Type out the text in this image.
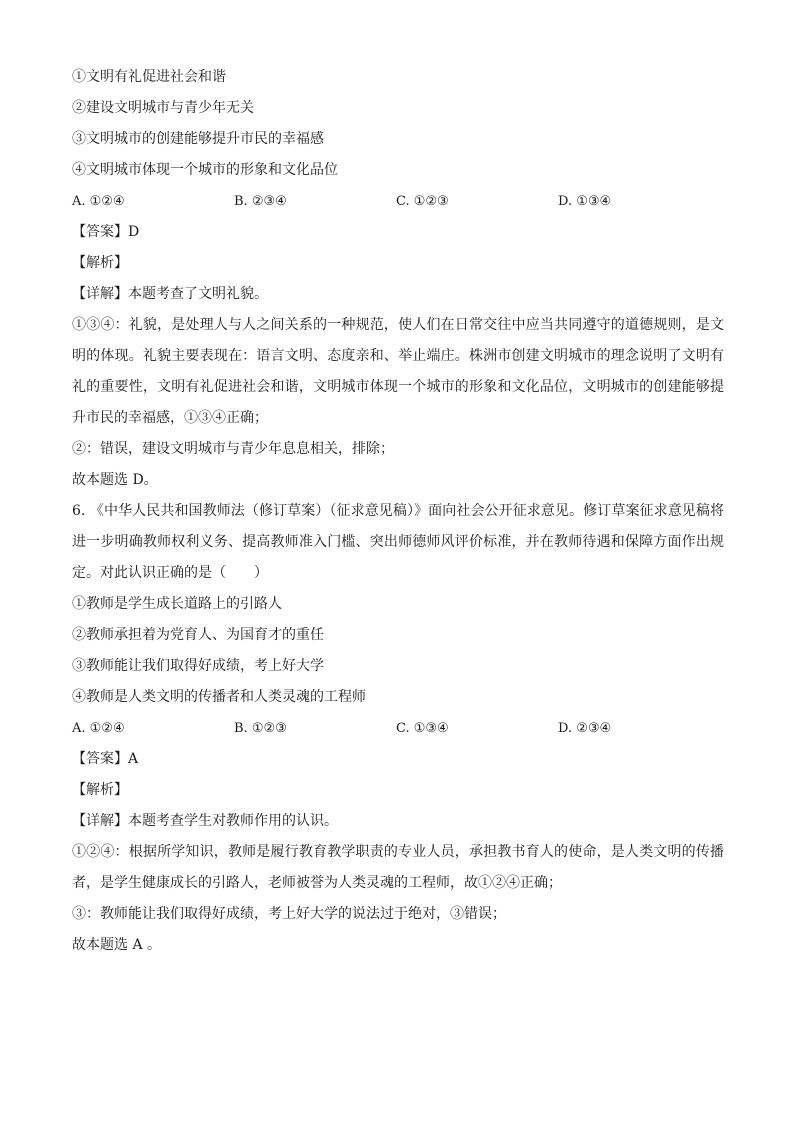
①文明有礼促进社会和谐
②建设文明城市与青少年无关
③文明城市的创建能够提升市民的幸福感
④文明城市体现一个城市的形象和文化品位
A. ①②④	B. ②③④	C. ①②③	D. ①③④
【答案】D
【解析】
【详解】本题考查了文明礼貌。
①③④：礼貌，是处理人与人之间关系的一种规范，使人们在日常交往中应当共同遵守的道德规则，是文明的体现。礼貌主要表现在：语言文明、态度亲和、举止端庄。株洲市创建文明城市的理念说明了文明有礼的重要性，文明有礼促进社会和谐，文明城市体现一个城市的形象和文化品位，文明城市的创建能够提升市民的幸福感，①③④正确；
②：错误，建设文明城市与青少年息息相关，排除；
故本题选 D。
6. 《中华人民共和国教师法（修订草案）（征求意见稿）》面向社会公开征求意见。修订草案征求意见稿将进一步明确教师权利义务、提高教师准入门槛、突出师德师风评价标准，并在教师待遇和保障方面作出规定。对此认识正确的是（　　）
①教师是学生成长道路上的引路人
②教师承担着为党育人、为国育才的重任
③教师能让我们取得好成绩，考上好大学
④教师是人类文明的传播者和人类灵魂的工程师
A. ①②④	B. ①②③	C. ①③④	D. ②③④
【答案】A
【解析】
【详解】本题考查学生对教师作用的认识。
①②④：根据所学知识，教师是履行教育教学职责的专业人员，承担教书育人的使命，是人类文明的传播者，是学生健康成长的引路人，老师被誉为人类灵魂的工程师，故①②④正确；
③：教师能让我们取得好成绩，考上好大学的说法过于绝对，③错误；
故本题选 A 。
